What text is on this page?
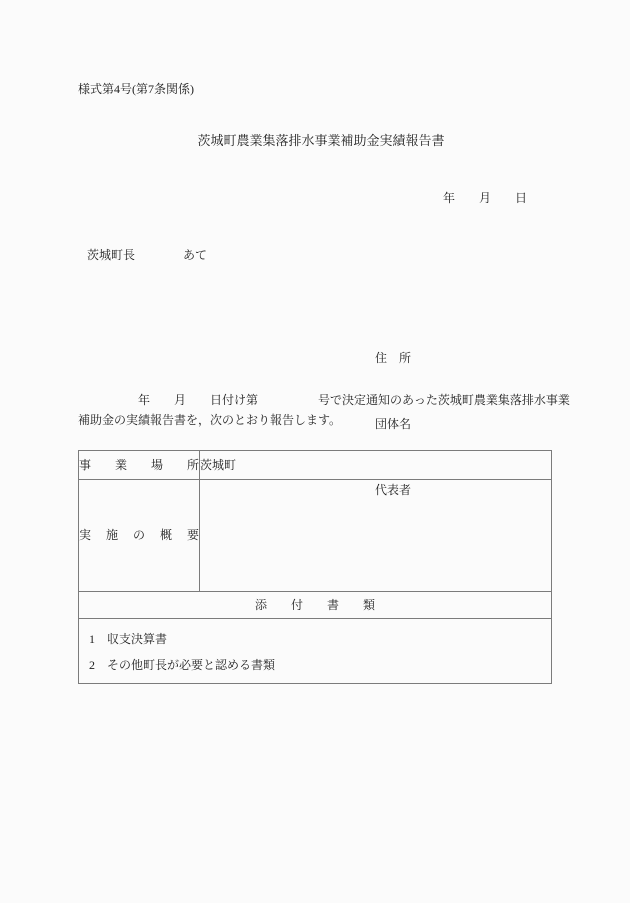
様式第4号(第7条関係)
茨城町農業集落排水事業補助金実績報告書
年　　月　　日
茨城町長　　　　あて

住　所

団体名

代表者

　　　　　年　　月　　日付け第　　　　　号で決定通知のあった茨城町農業集落排水事業
補助金の実績報告書を，次のとおり報告します。
事　業　場　所	茨城町
実　施　の　概　要	
添　　付　　書　　類	

1　収支決算書
2　その他町長が必要と認める書類	
